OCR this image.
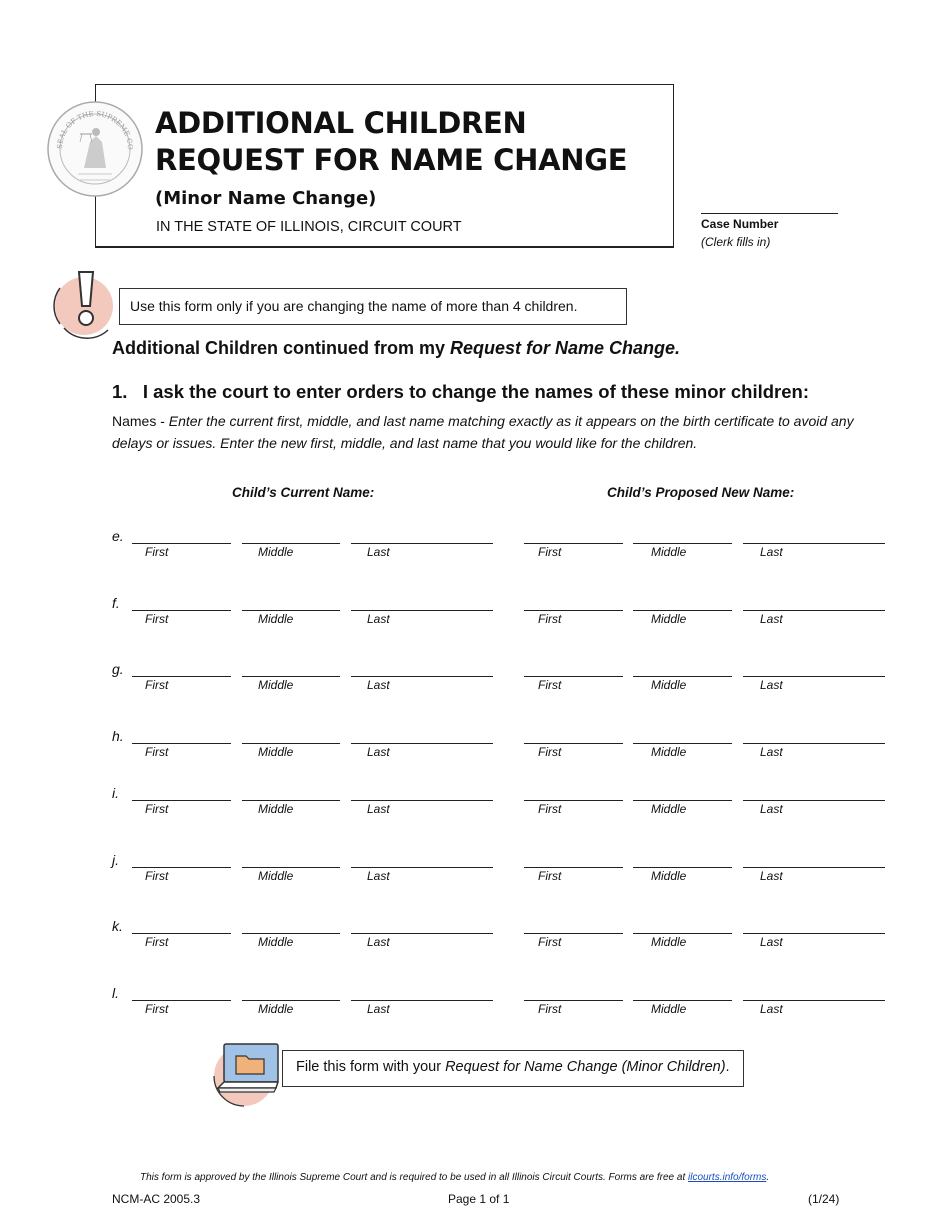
SEAL OF THE SUPREME CO
ADDITIONAL CHILDREN
REQUEST FOR NAME CHANGE
(Minor Name Change)
IN THE STATE OF ILLINOIS, CIRCUIT COURT	Case Number
(Clerk fills in)
Use this form only if you are changing the name of more than 4 children.
Additional Children continued from my Request for Name Change.
1.   I ask the court to enter orders to change the names of these minor children:
Names - Enter the current first, middle, and last name matching exactly as it appears on the birth certificate to avoid any delays or issues. Enter the new first, middle, and last name that you would like for the children.
Child’s Current Name:	Child’s Proposed New Name:
e.
First	Middle	Last	First	Middle	Last
f.
First	Middle	Last	First	Middle	Last
g.
First	Middle	Last	First	Middle	Last
h.
First	Middle	Last	First	Middle	Last
i.
First	Middle	Last	First	Middle	Last
j.
First	Middle	Last	First	Middle	Last
k.
First	Middle	Last	First	Middle	Last
l.
First	Middle	Last	First	Middle	Last
File this form with your Request for Name Change (Minor Children).
This form is approved by the Illinois Supreme Court and is required to be used in all Illinois Circuit Courts. Forms are free at ilcourts.info/forms.
NCM-AC 2005.3	Page 1 of 1	(1/24)
